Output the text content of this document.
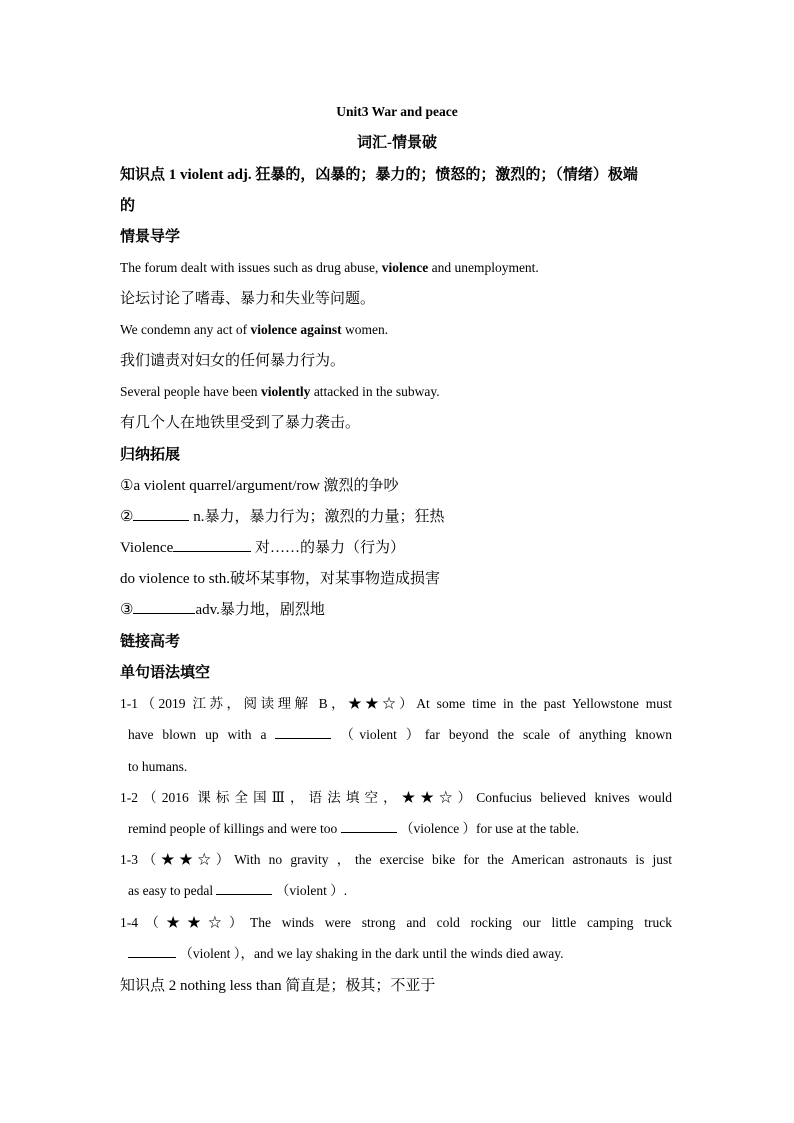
Unit3 War and peace
词汇-情景破
知识点 1 violent adj. 狂暴的，凶暴的；暴力的；愤怒的；激烈的；（情绪）极端
的
情景导学
The forum dealt with issues such as drug abuse, violence and unemployment.
论坛讨论了嗜毒、暴力和失业等问题。
We condemn any act of violence against women.
我们谴责对妇女的任何暴力行为。
Several people have been violently attacked in the subway.
有几个人在地铁里受到了暴力袭击。
归纳拓展
①a violent quarrel/argument/row 激烈的争吵
②	n.暴力，暴力行为；激烈的力量；狂热
Violence	对……的暴力（行为）
do violence to sth.破坏某事物，对某事物造成损害
③	adv.暴力地，剧烈地
链接高考
单句语法填空
1-1（2019 江苏，阅读理解 B，★★☆）At some time in the past Yellowstone must
have blown up with a	（violent ）far beyond the scale of anything known
to humans.
1-2（2016 课标全国Ⅲ，语法填空，★★☆）Confucius believed knives would
remind people of killings and were too	（violence ）for use at the table.
1-3（★★☆）With no gravity ，the exercise bike for the American astronauts is just
as easy to pedal	（violent ）.
1-4（★★☆）The winds were strong and cold rocking our little camping truck
（violent ），and we lay shaking in the dark until the winds died away.
知识点 2 nothing less than 简直是；极其；不亚于
